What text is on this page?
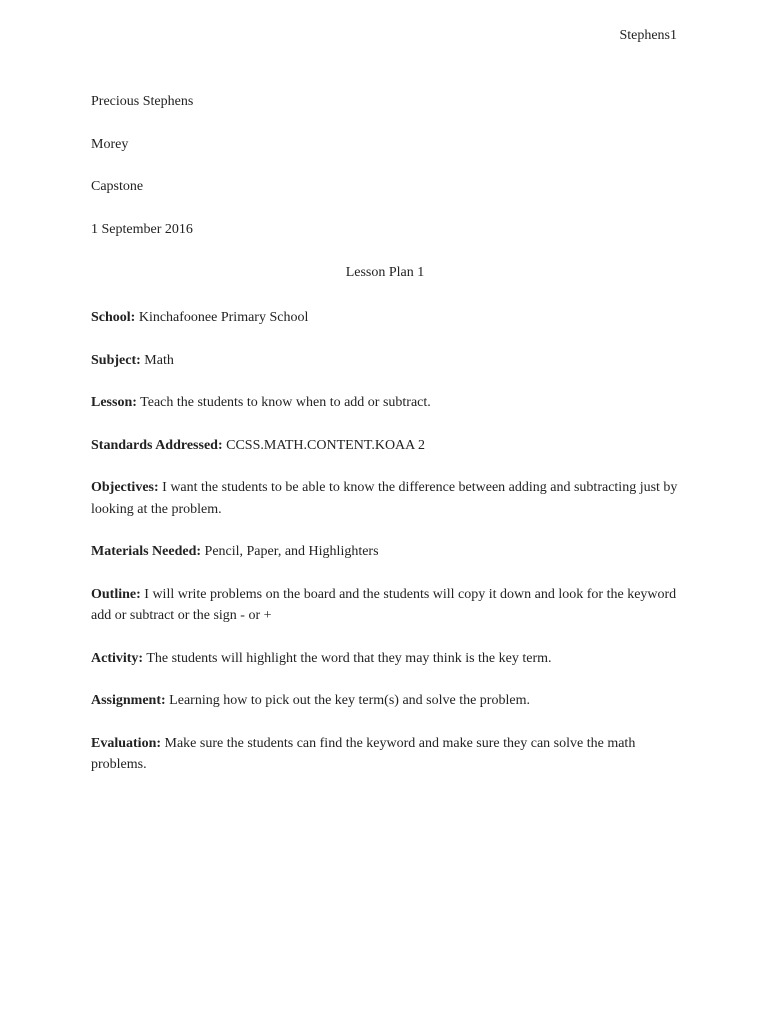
Stephens1
Precious Stephens
Morey
Capstone
1 September 2016
Lesson Plan 1
School: Kinchafoonee Primary School
Subject: Math
Lesson: Teach the students to know when to add or subtract.
Standards Addressed: CCSS.MATH.CONTENT.KOAA 2
Objectives: I want the students to be able to know the difference between adding and subtracting just by looking at the problem.
Materials Needed: Pencil, Paper, and Highlighters
Outline: I will write problems on the board and the students will copy it down and look for the keyword add or subtract or the sign - or +
Activity: The students will highlight the word that they may think is the key term.
Assignment: Learning how to pick out the key term(s) and solve the problem.
Evaluation: Make sure the students can find the keyword and make sure they can solve the math problems.
